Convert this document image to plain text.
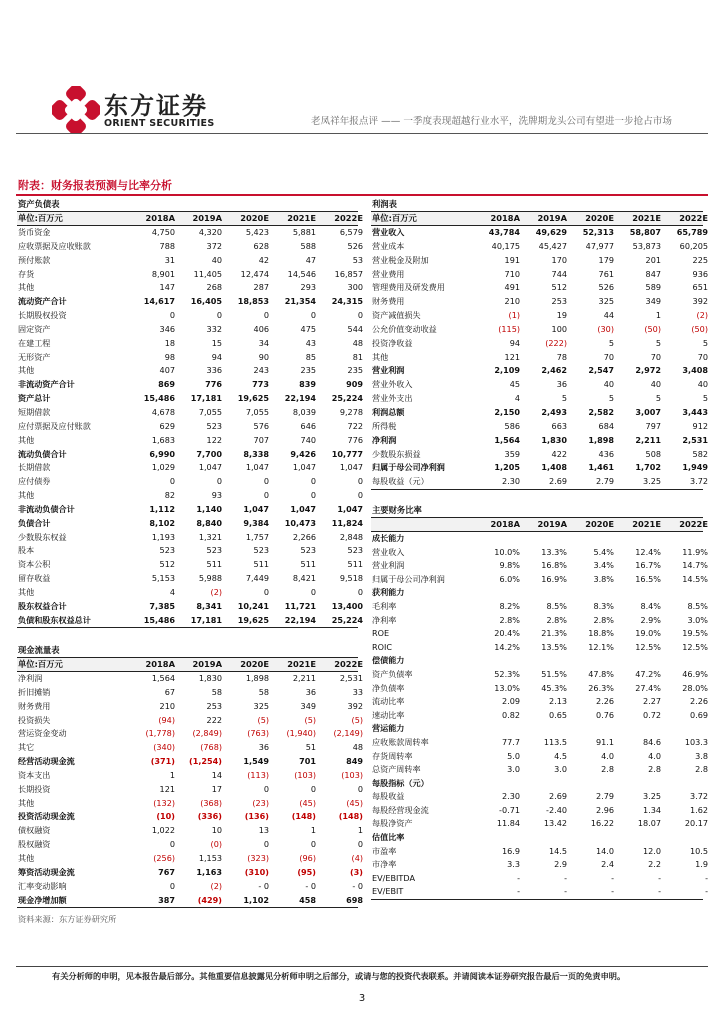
东方证券
ORIENT SECURITIES	老凤祥年报点评 —— 一季度表现超越行业水平，洗牌期龙头公司有望进一步抢占市场
附表：财务报表预测与比率分析
资产负债表
单位:百万元	2018A	2019A	2020E	2021E	2022E
货币资金	4,750	4,320	5,423	5,881	6,579
应收票据及应收账款	788	372	628	588	526
预付账款	31	40	42	47	53
存货	8,901	11,405	12,474	14,546	16,857
其他	147	268	287	293	300
流动资产合计	14,617	16,405	18,853	21,354	24,315
长期股权投资	0	0	0	0	0
固定资产	346	332	406	475	544
在建工程	18	15	34	43	48
无形资产	98	94	90	85	81
其他	407	336	243	235	235
非流动资产合计	869	776	773	839	909
资产总计	15,486	17,181	19,625	22,194	25,224
短期借款	4,678	7,055	7,055	8,039	9,278
应付票据及应付账款	629	523	576	646	722
其他	1,683	122	707	740	776
流动负债合计	6,990	7,700	8,338	9,426	10,777
长期借款	1,029	1,047	1,047	1,047	1,047
应付债券	0	0	0	0	0
其他	82	93	0	0	0
非流动负债合计	1,112	1,140	1,047	1,047	1,047
负债合计	8,102	8,840	9,384	10,473	11,824
少数股东权益	1,193	1,321	1,757	2,266	2,848
股本	523	523	523	523	523
资本公积	512	511	511	511	511
留存收益	5,153	5,988	7,449	8,421	9,518
其他	4	(2)	0	0	0
股东权益合计	7,385	8,341	10,241	11,721	13,400
负债和股东权益总计	15,486	17,181	19,625	22,194	25,224
现金流量表
单位:百万元	2018A	2019A	2020E	2021E	2022E
净利润	1,564	1,830	1,898	2,211	2,531
折旧摊销	67	58	58	36	33
财务费用	210	253	325	349	392
投资损失	(94)	222	(5)	(5)	(5)
营运资金变动	(1,778)	(2,849)	(763)	(1,940)	(2,149)
其它	(340)	(768)	36	51	48
经营活动现金流	(371)	(1,254)	1,549	701	849
资本支出	1	14	(113)	(103)	(103)
长期投资	121	17	0	0	0
其他	(132)	(368)	(23)	(45)	(45)
投资活动现金流	(10)	(336)	(136)	(148)	(148)
债权融资	1,022	10	13	1	1
股权融资	0	(0)	0	0	0
其他	(256)	1,153	(323)	(96)	(4)
筹资活动现金流	767	1,163	(310)	(95)	(3)
汇率变动影响	0	(2)	- 0	- 0	- 0
现金净增加额	387	(429)	1,102	458	698
利润表
单位:百万元	2018A	2019A	2020E	2021E	2022E
营业收入	43,784	49,629	52,313	58,807	65,789
营业成本	40,175	45,427	47,977	53,873	60,205
营业税金及附加	191	170	179	201	225
营业费用	710	744	761	847	936
管理费用及研发费用	491	512	526	589	651
财务费用	210	253	325	349	392
资产减值损失	(1)	19	44	1	(2)
公允价值变动收益	(115)	100	(30)	(50)	(50)
投资净收益	94	(222)	5	5	5
其他	121	78	70	70	70
营业利润	2,109	2,462	2,547	2,972	3,408
营业外收入	45	36	40	40	40
营业外支出	4	5	5	5	5
利润总额	2,150	2,493	2,582	3,007	3,443
所得税	586	663	684	797	912
净利润	1,564	1,830	1,898	2,211	2,531
少数股东损益	359	422	436	508	582
归属于母公司净利润	1,205	1,408	1,461	1,702	1,949
每股收益（元）	2.30	2.69	2.79	3.25	3.72
主要财务比率
2018A	2019A	2020E	2021E	2022E
成长能力
营业收入	10.0%	13.3%	5.4%	12.4%	11.9%
营业利润	9.8%	16.8%	3.4%	16.7%	14.7%
归属于母公司净利润	6.0%	16.9%	3.8%	16.5%	14.5%
获利能力
毛利率	8.2%	8.5%	8.3%	8.4%	8.5%
净利率	2.8%	2.8%	2.8%	2.9%	3.0%
ROE	20.4%	21.3%	18.8%	19.0%	19.5%
ROIC	14.2%	13.5%	12.1%	12.5%	12.5%
偿债能力
资产负债率	52.3%	51.5%	47.8%	47.2%	46.9%
净负债率	13.0%	45.3%	26.3%	27.4%	28.0%
流动比率	2.09	2.13	2.26	2.27	2.26
速动比率	0.82	0.65	0.76	0.72	0.69
营运能力
应收账款周转率	77.7	113.5	91.1	84.6	103.3
存货周转率	5.0	4.5	4.0	4.0	3.8
总资产周转率	3.0	3.0	2.8	2.8	2.8
每股指标（元）
每股收益	2.30	2.69	2.79	3.25	3.72
每股经营现金流	-0.71	-2.40	2.96	1.34	1.62
每股净资产	11.84	13.42	16.22	18.07	20.17
估值比率
市盈率	16.9	14.5	14.0	12.0	10.5
市净率	3.3	2.9	2.4	2.2	1.9
EV/EBITDA	-	-	-	-	-
EV/EBIT	-	-	-	-	-
资料来源：东方证券研究所
有关分析师的申明，见本报告最后部分。其他重要信息披露见分析师申明之后部分，或请与您的投资代表联系。并请阅读本证券研究报告最后一页的免责申明。
3
